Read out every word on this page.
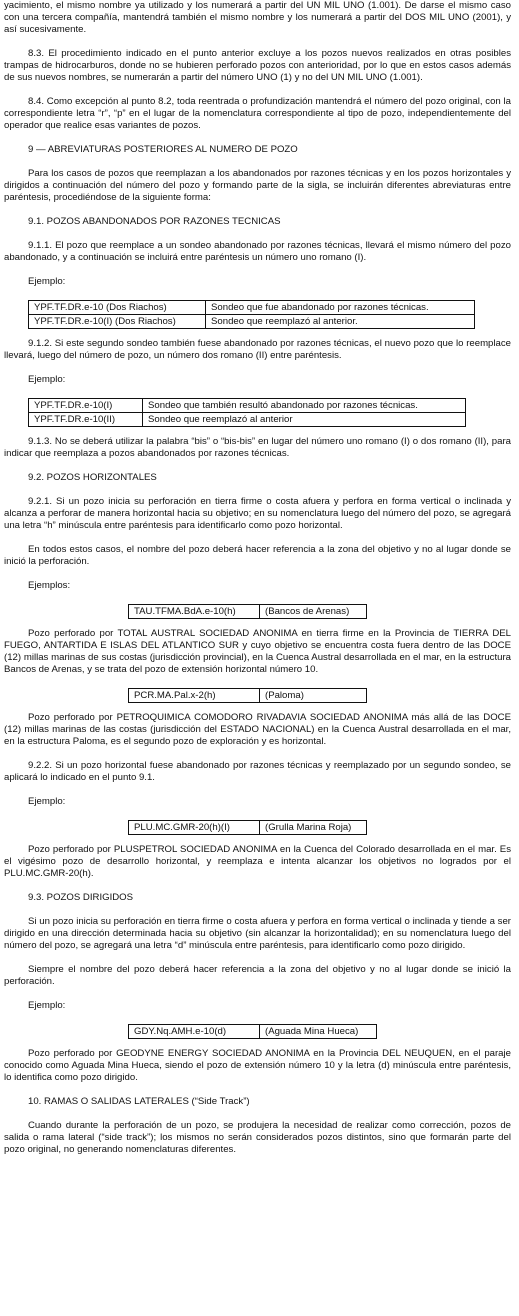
yacimiento, el mismo nombre ya utilizado y los numerará a partir del UN MIL UNO (1.001). De darse el mismo caso con una tercera compañía, mantendrá también el mismo nombre y los numerará a partir del DOS MIL UNO (2001), y así sucesivamente.

8.3. El procedimiento indicado en el punto anterior excluye a los pozos nuevos realizados en otras posibles trampas de hidrocarburos, donde no se hubieren perforado pozos con anterioridad, por lo que en estos casos además de sus nuevos nombres, se numerarán a partir del número UNO (1) y no del UN MIL UNO (1.001).

8.4. Como excepción al punto 8.2, toda reentrada o profundización mantendrá el número del pozo original, con la correspondiente letra “r”, “p” en el lugar de la nomenclatura correspondiente al tipo de pozo, independientemente del operador que realice esas variantes de pozos.

9 — ABREVIATURAS POSTERIORES AL NUMERO DE POZO

Para los casos de pozos que reemplazan a los abandonados por razones técnicas y en los pozos horizontales y dirigidos a continuación del número del pozo y formando parte de la sigla, se incluirán diferentes abreviaturas entre paréntesis, procediéndose de la siguiente forma:

9.1. POZOS ABANDONADOS POR RAZONES TECNICAS

9.1.1. El pozo que reemplace a un sondeo abandonado por razones técnicas, llevará el mismo número del pozo abandonado, y a continuación se incluirá entre paréntesis un número uno romano (I).

Ejemplo:

YPF.TF.DR.e-10 (Dos Riachos)	Sondeo que fue abandonado por razones técnicas.
YPF.TF.DR.e-10(I) (Dos Riachos)	Sondeo que reemplazó al anterior.

9.1.2. Si este segundo sondeo también fuese abandonado por razones técnicas, el nuevo pozo que lo reemplace llevará, luego del número de pozo, un número dos romano (II) entre paréntesis.

Ejemplo:

YPF.TF.DR.e-10(I)	Sondeo que también resultó abandonado por razones técnicas.
YPF.TF.DR.e-10(II)	Sondeo que reemplazó al anterior

9.1.3. No se deberá utilizar la palabra “bis” o “bis-bis” en lugar del número uno romano (I) o dos romano (II), para indicar que reemplaza a pozos abandonados por razones técnicas.

9.2. POZOS HORIZONTALES

9.2.1. Si un pozo inicia su perforación en tierra firme o costa afuera y perfora en forma vertical o inclinada y alcanza a perforar de manera horizontal hacia su objetivo; en su nomenclatura luego del número del pozo, se agregará una letra “h” minúscula entre paréntesis para identificarlo como pozo horizontal.

En todos estos casos, el nombre del pozo deberá hacer referencia a la zona del objetivo y no al lugar donde se inició la perforación.

Ejemplos:

TAU.TFMA.BdA.e-10(h)	(Bancos de Arenas)

Pozo perforado por TOTAL AUSTRAL SOCIEDAD ANONIMA en tierra firme en la Provincia de TIERRA DEL FUEGO, ANTARTIDA E ISLAS DEL ATLANTICO SUR y cuyo objetivo se encuentra costa fuera dentro de las DOCE (12) millas marinas de sus costas (jurisdicción provincial), en la Cuenca Austral desarrollada en el mar, en la estructura Bancos de Arenas, y se trata del pozo de extensión horizontal número 10.

PCR.MA.Pal.x-2(h)	(Paloma)

Pozo perforado por PETROQUIMICA COMODORO RIVADAVIA SOCIEDAD ANONIMA más allá de las DOCE (12) millas marinas de las costas (jurisdicción del ESTADO NACIONAL) en la Cuenca Austral desarrollada en el mar, en la estructura Paloma, es el segundo pozo de exploración y es horizontal.

9.2.2. Si un pozo horizontal fuese abandonado por razones técnicas y reemplazado por un segundo sondeo, se aplicará lo indicado en el punto 9.1.

Ejemplo:

PLU.MC.GMR-20(h)(I)	(Grulla Marina Roja)

Pozo perforado por PLUSPETROL SOCIEDAD ANONIMA en la Cuenca del Colorado desarrollada en el mar. Es el vigésimo pozo de desarrollo horizontal, y reemplaza e intenta alcanzar los objetivos no logrados por el PLU.MC.GMR-20(h).

9.3. POZOS DIRIGIDOS

Si un pozo inicia su perforación en tierra firme o costa afuera y perfora en forma vertical o inclinada y tiende a ser dirigido en una dirección determinada hacia su objetivo (sin alcanzar la horizontalidad); en su nomenclatura luego del número del pozo, se agregará una letra “d” minúscula entre paréntesis, para identificarlo como pozo dirigido.

Siempre el nombre del pozo deberá hacer referencia a la zona del objetivo y no al lugar donde se inició la perforación.

Ejemplo:

GDY.Nq.AMH.e-10(d)	(Aguada Mina Hueca)

Pozo perforado por GEODYNE ENERGY SOCIEDAD ANONIMA en la Provincia DEL NEUQUEN, en el paraje conocido como Aguada Mina Hueca, siendo el pozo de extensión número 10 y la letra (d) minúscula entre paréntesis, lo identifica como pozo dirigido.

10. RAMAS O SALIDAS LATERALES (“Side Track”)

Cuando durante la perforación de un pozo, se produjera la necesidad de realizar como corrección, pozos de salida o rama lateral (“side track”); los mismos no serán considerados pozos distintos, sino que formarán parte del pozo original, no generando nomenclaturas diferentes.
